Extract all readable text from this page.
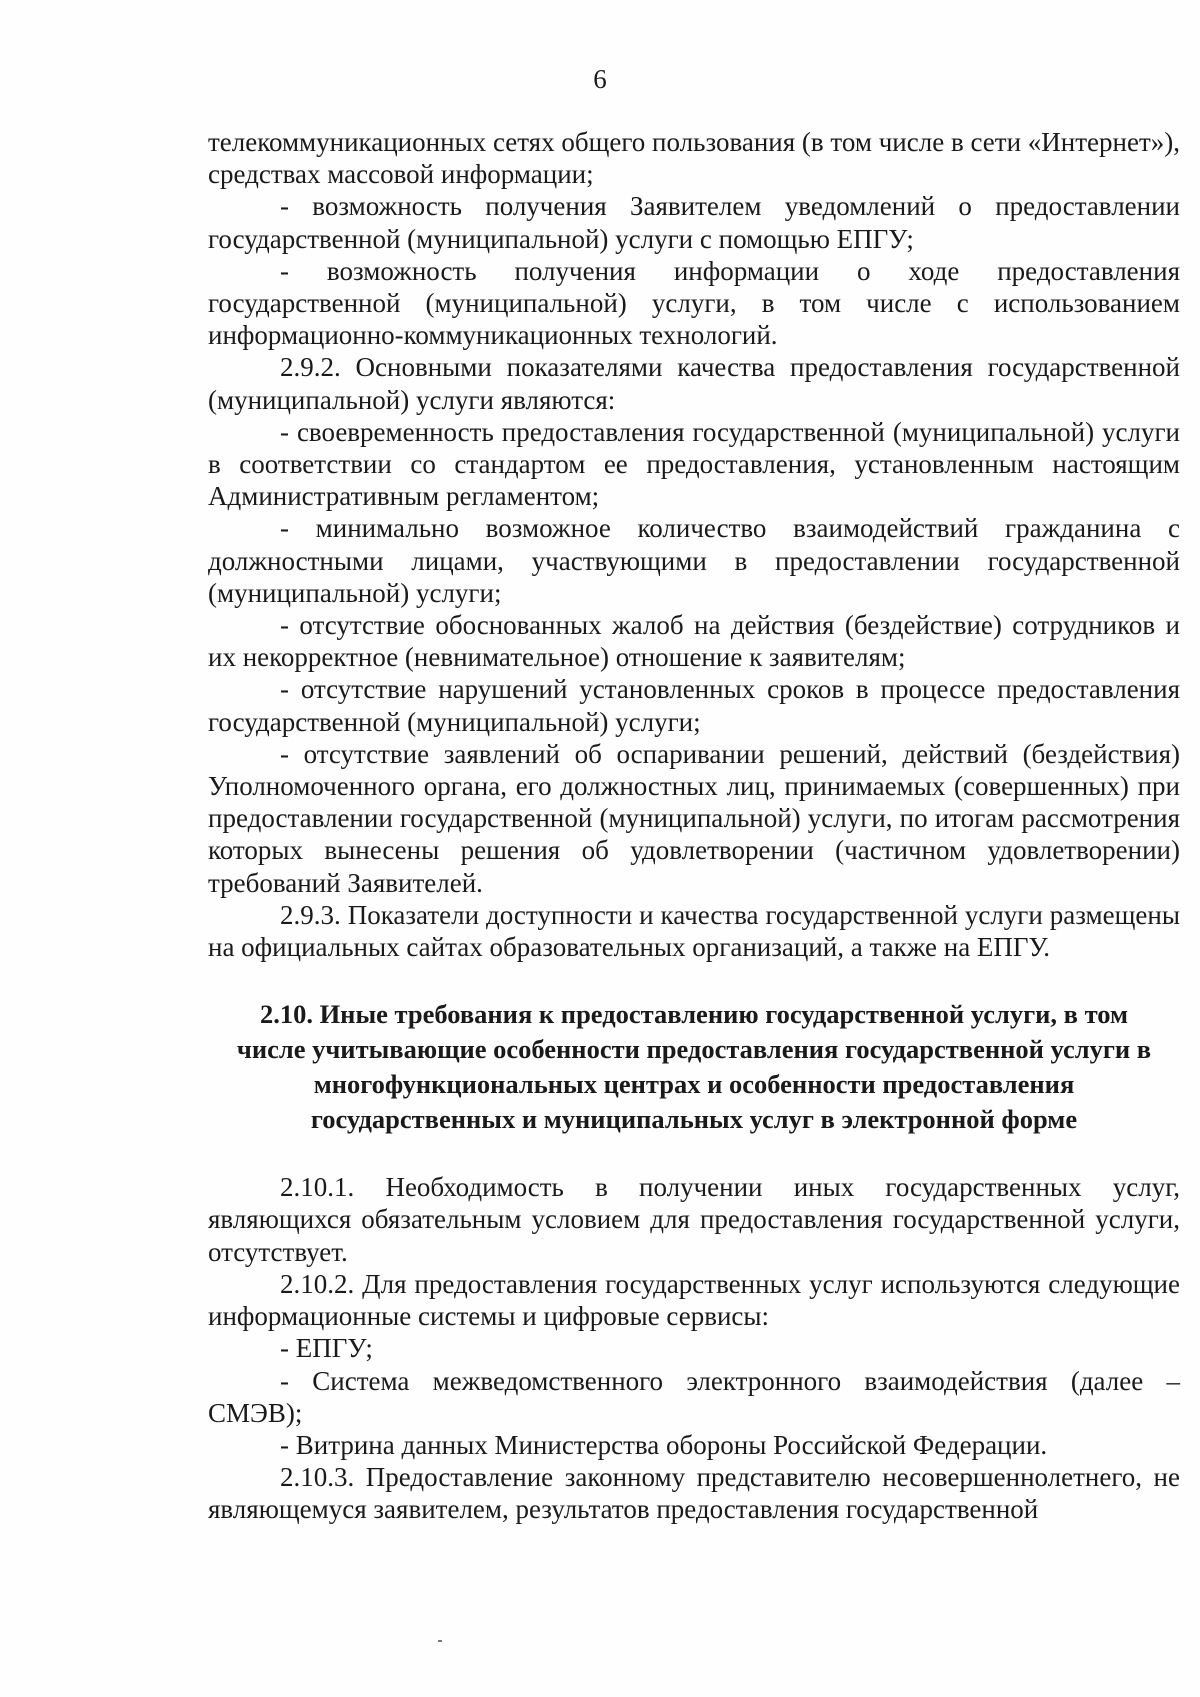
6

телекоммуникационных сетях общего пользования (в том числе в сети «Интернет»), средствах массовой информации;

- возможность получения Заявителем уведомлений о предоставлении государственной (муниципальной) услуги с помощью ЕПГУ;

- возможность получения информации о ходе предоставления государственной (муниципальной) услуги, в том числе с использованием информационно-коммуникационных технологий.

2.9.2. Основными показателями качества предоставления государственной (муниципальной) услуги являются:

- своевременность предоставления государственной (муниципальной) услуги в соответствии со стандартом ее предоставления, установленным настоящим Административным регламентом;

- минимально возможное количество взаимодействий гражданина с должностными лицами, участвующими в предоставлении государственной (муниципальной) услуги;

- отсутствие обоснованных жалоб на действия (бездействие) сотрудников и их некорректное (невнимательное) отношение к заявителям;

- отсутствие нарушений установленных сроков в процессе предоставления государственной (муниципальной) услуги;

- отсутствие заявлений об оспаривании решений, действий (бездействия) Уполномоченного органа, его должностных лиц, принимаемых (совершенных) при предоставлении государственной (муниципальной) услуги, по итогам рассмотрения которых вынесены решения об удовлетворении (частичном удовлетворении) требований Заявителей.

2.9.3. Показатели доступности и качества государственной услуги размещены на официальных сайтах образовательных организаций, а также на ЕПГУ.

2.10. Иные требования к предоставлению государственной услуги, в том числе учитывающие особенности предоставления государственной услуги в многофункциональных центрах и особенности предоставления государственных и муниципальных услуг в электронной форме

2.10.1. Необходимость в получении иных государственных услуг, являющихся обязательным условием для предоставления государственной услуги, отсутствует.

2.10.2. Для предоставления государственных услуг используются следующие информационные системы и цифровые сервисы:

- ЕПГУ;

- Система межведомственного электронного взаимодействия (далее – СМЭВ);

- Витрина данных Министерства обороны Российской Федерации.

2.10.3. Предоставление законному представителю несовершеннолетнего, не являющемуся заявителем, результатов предоставления государственной
